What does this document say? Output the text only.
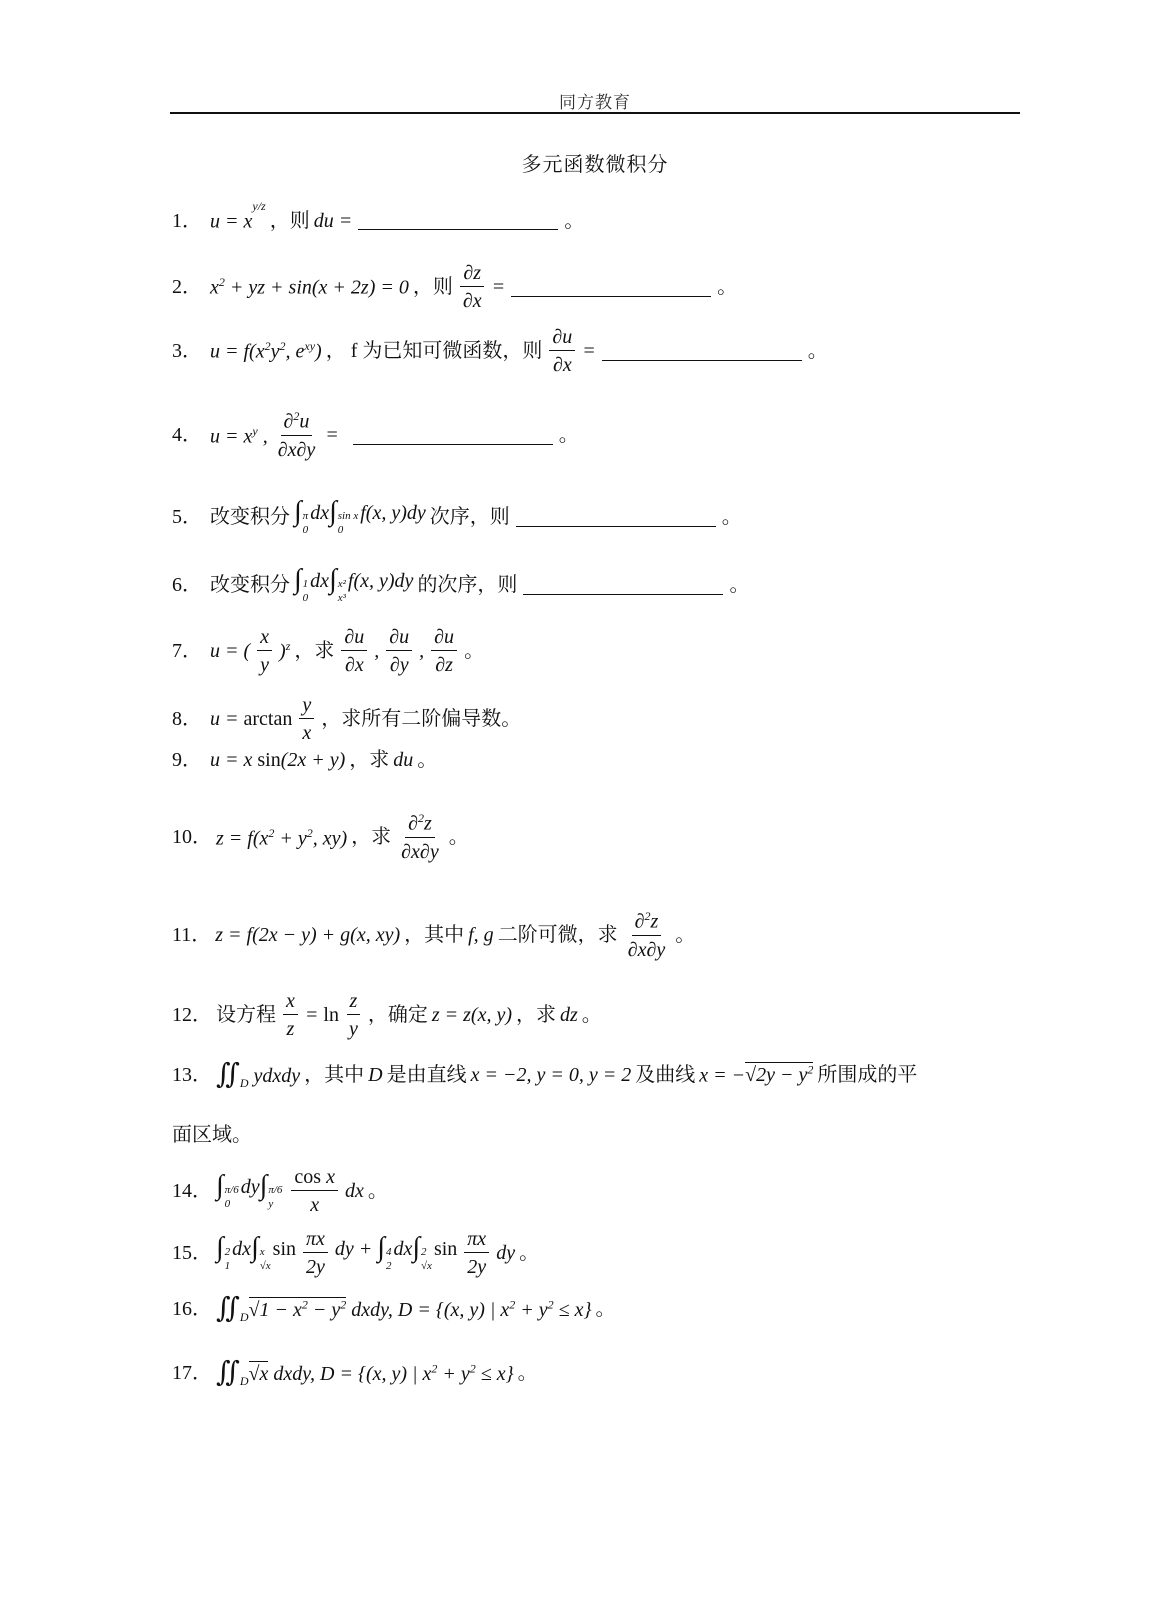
同方教育
多元函数微积分
1． $u = x^{y/z}$
，则 du =	。
2． $x^2$ + yz + sin(x + 2z) = 0 ，则 $\frac{\partial z}{\partial x}$ =	。
3． $u = f(x^2y^2$, $e^{xy}$) ， f 为已知可微函数，则 $\frac{\partial u}{\partial x}$ =	。
4． $u = x^y$ , $\frac{\partial^2u}{\partial x\partial y}$ =	。
5． 改变积分 ∫ π
0
dx∫ sin x
0
f(x, y)dy 次序，则	。
6． 改变积分 ∫ 1
0
dx∫ x²
x³
f(x, y)dy 的次序，则	。
7． u = ( $\frac{x}{y} )^z$ ，求 $\frac{\partial u}{\partial x}$ , $\frac{\partial u}{\partial y}$ , $\frac{\partial u}{\partial z}$ 。
8． $u = \arctan \frac{y}{x}$ ，求所有二阶偏导数。
9． u = x sin(2x + y) ，求 du 。
10． $z = f(x^2 + y^2$, xy) ，求 $\frac{\partial^2z}{\partial x\partial y}$ 。
11． z = f(2x − y) + g(x, xy) ，其中 f, g 二阶可微，求 $\frac{\partial^2z}{\partial x\partial y}$ 。
12． 设方程 $\frac{x}{z} = \ln \frac{z}{y}$ ，确定 z = z(x, y) ，求 dz 。
13． $∬_D$ ydxdy ，其中 D 是由直线 x = −2, y = 0, y = 2 及曲线 $x = -√2y - y^2$ 所围成的平
面区域。
14． ∫ π/6
0
dy∫ π/6
y $\frac{\text{cos x}}{x}$ dx 。
15． ∫ 2
1
dx∫ x
√x
$\sin \frac{\pi x}{2y}$ dy + ∫ 4
2
dx∫ 2
√x
$\sin \frac{\pi x}{2y}$ dy 。
16． $∬_D√1 - x^2 - y^2$ dxdy, D = {(x, y) | $x^2 + y^2 \le x$} 。
17． $∬_D√x$ dxdy, D = {(x, y) | $x^2 + y^2 \le x$} 。
